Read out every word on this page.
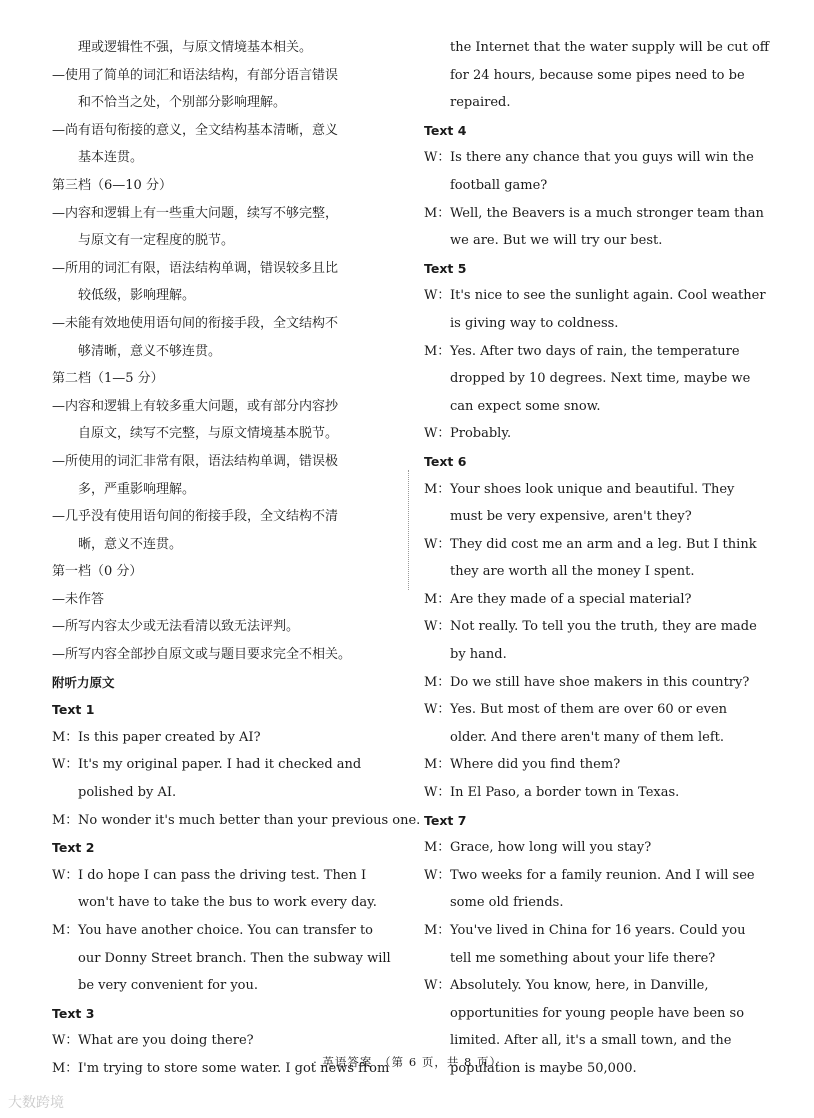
理或逻辑性不强，与原文情境基本相关。
—使用了简单的词汇和语法结构，有部分语言错误
和不恰当之处，个别部分影响理解。
—尚有语句衔接的意义，全文结构基本清晰，意义
基本连贯。
第三档（6—10 分）
—内容和逻辑上有一些重大问题，续写不够完整，
与原文有一定程度的脱节。
—所用的词汇有限，语法结构单调，错误较多且比
较低级，影响理解。
—未能有效地使用语句间的衔接手段，全文结构不
够清晰，意义不够连贯。
第二档（1—5 分）
—内容和逻辑上有较多重大问题，或有部分内容抄
自原文，续写不完整，与原文情境基本脱节。
—所使用的词汇非常有限，语法结构单调，错误极
多，严重影响理解。
—几乎没有使用语句间的衔接手段，全文结构不清
晰，意义不连贯。
第一档（0 分）
—未作答
—所写内容太少或无法看清以致无法评判。
—所写内容全部抄自原文或与题目要求完全不相关。
附听力原文
Text 1
M： Is this paper created by AI?
W： It's my original paper. I had it checked and
polished by AI.
M： No wonder it's much better than your previous one.
Text 2
W： I do hope I can pass the driving test. Then I
won't have to take the bus to work every day.
M： You have another choice. You can transfer to
our Donny Street branch. Then the subway will
be very convenient for you.
Text 3
W： What are you doing there?
M： I'm trying to store some water. I got news from
the Internet that the water supply will be cut off
for 24 hours, because some pipes need to be
repaired.
Text 4
W： Is there any chance that you guys will win the
football game?
M： Well, the Beavers is a much stronger team than
we are. But we will try our best.
Text 5
W： It's nice to see the sunlight again. Cool weather
is giving way to coldness.
M： Yes. After two days of rain, the temperature
dropped by 10 degrees. Next time, maybe we
can expect some snow.
W： Probably.
Text 6
M： Your shoes look unique and beautiful. They
must be very expensive, aren't they?
W： They did cost me an arm and a leg. But I think
they are worth all the money I spent.
M： Are they made of a special material?
W： Not really. To tell you the truth, they are made
by hand.
M： Do we still have shoe makers in this country?
W： Yes. But most of them are over 60 or even
older. And there aren't many of them left.
M： Where did you find them?
W： In El Paso, a border town in Texas.
Text 7
M： Grace, how long will you stay?
W： Two weeks for a family reunion. And I will see
some old friends.
M： You've lived in China for 16 years. Could you
tell me something about your life there?
W： Absolutely. You know, here, in Danville,
opportunities for young people have been so
limited. After all, it's a small town, and the
population is maybe 50,000.
· 英语答案　（第 6 页，共 8 页）·
大数跨境
